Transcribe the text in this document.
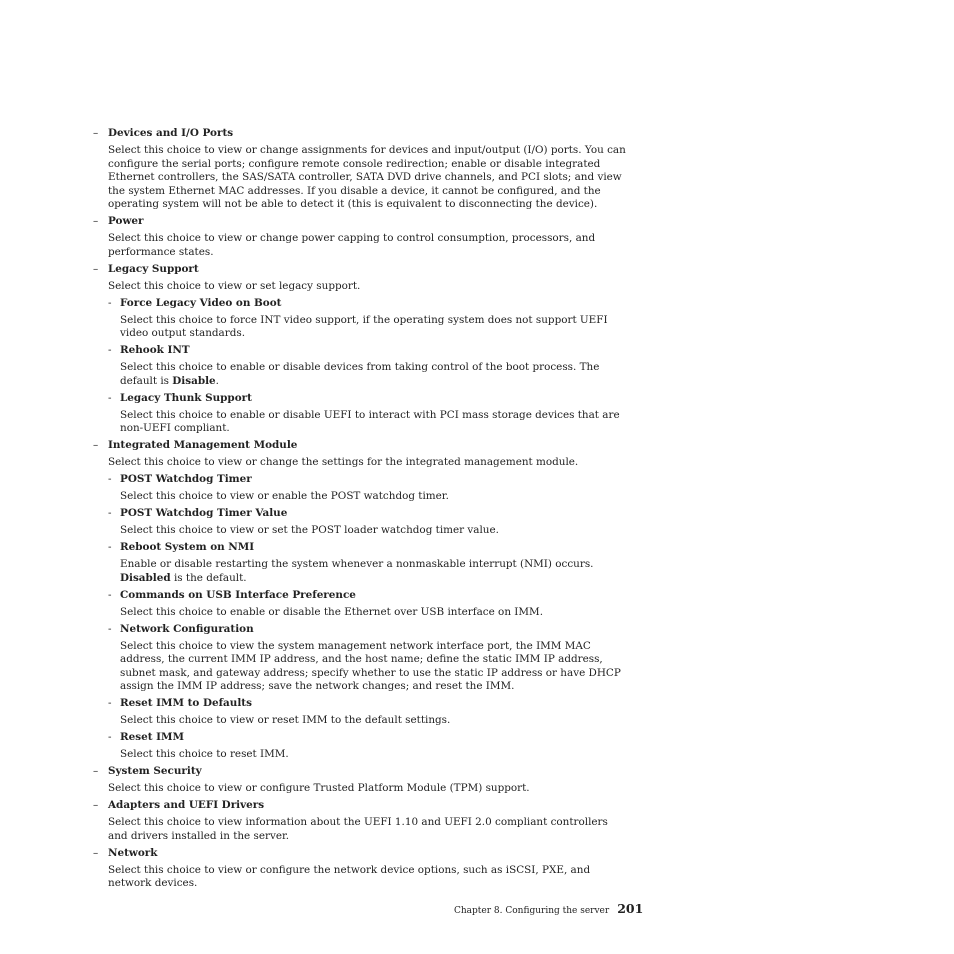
– Devices and I/O Ports
Select this choice to view or change assignments for devices and input/output (I/O) ports. You can configure the serial ports; configure remote console redirection; enable or disable integrated Ethernet controllers, the SAS/SATA controller, SATA DVD drive channels, and PCI slots; and view the system Ethernet MAC addresses. If you disable a device, it cannot be configured, and the operating system will not be able to detect it (this is equivalent to disconnecting the device).
– Power
Select this choice to view or change power capping to control consumption, processors, and performance states.
– Legacy Support
Select this choice to view or set legacy support.
- Force Legacy Video on Boot
Select this choice to force INT video support, if the operating system does not support UEFI video output standards.
- Rehook INT
Select this choice to enable or disable devices from taking control of the boot process. The default is Disable.
- Legacy Thunk Support
Select this choice to enable or disable UEFI to interact with PCI mass storage devices that are non-UEFI compliant.
– Integrated Management Module
Select this choice to view or change the settings for the integrated management module.
- POST Watchdog Timer
Select this choice to view or enable the POST watchdog timer.
- POST Watchdog Timer Value
Select this choice to view or set the POST loader watchdog timer value.
- Reboot System on NMI
Enable or disable restarting the system whenever a nonmaskable interrupt (NMI) occurs. Disabled is the default.
- Commands on USB Interface Preference
Select this choice to enable or disable the Ethernet over USB interface on IMM.
- Network Configuration
Select this choice to view the system management network interface port, the IMM MAC address, the current IMM IP address, and the host name; define the static IMM IP address, subnet mask, and gateway address; specify whether to use the static IP address or have DHCP assign the IMM IP address; save the network changes; and reset the IMM.
- Reset IMM to Defaults
Select this choice to view or reset IMM to the default settings.
- Reset IMM
Select this choice to reset IMM.
– System Security
Select this choice to view or configure Trusted Platform Module (TPM) support.
– Adapters and UEFI Drivers
Select this choice to view information about the UEFI 1.10 and UEFI 2.0 compliant controllers and drivers installed in the server.
– Network
Select this choice to view or configure the network device options, such as iSCSI, PXE, and network devices.
Chapter 8. Configuring the server 201
